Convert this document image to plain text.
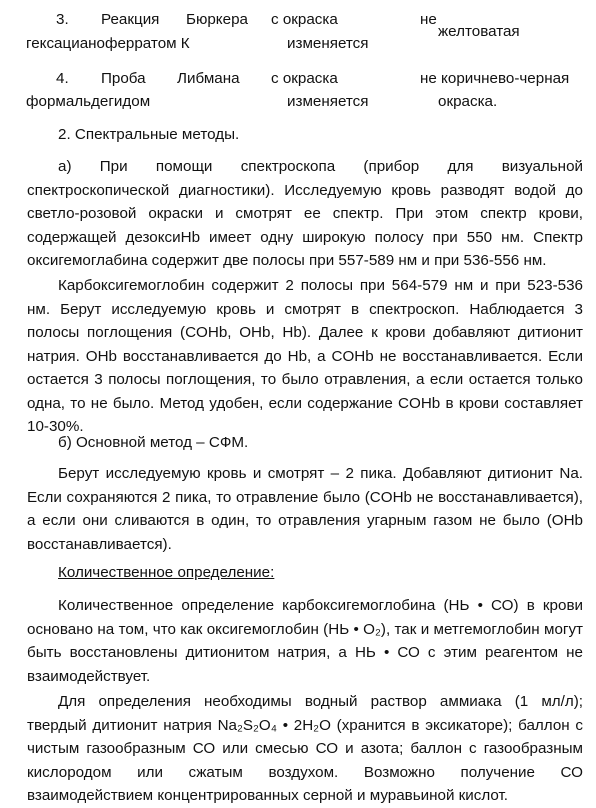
3. Реакция Бюркера
гексацианоферратом К
с окраска
изменяется
не
желтоватая
4. Проба Либмана
формальдегидом
с окраска
изменяется
не коричнево-черная
окраска.
2. Спектральные методы.

а) При помощи спектроскопа (прибор для визуальной спектроскопической диагностики). Исследуемую кровь разводят водой до светло-розовой окраски и смотрят ее спектр. При этом спектр крови, содержащей дезоксиHb имеет одну широкую полосу при 550 нм. Спектр оксигемоглабина содержит две полосы при 557-589 нм и при 536-556 нм.

Карбоксигемоглобин содержит 2 полосы при 564-579 нм и при 523-536 нм. Берут исследуемую кровь и смотрят в спектроскоп. Наблюдается 3 полосы поглощения (COHb, OHb, Hb). Далее к крови добавляют дитионит натрия. OHb восстанавливается до Hb, а COHb не восстанавливается. Если остается 3 полосы поглощения, то было отравления, а если остается только одна, то не было. Метод удобен, если содержание COHb в крови составляет 10-30%.

б) Основной метод – СФМ.

Берут исследуемую кровь и смотрят – 2 пика. Добавляют дитионит Na. Если сохраняются 2 пика, то отравление было (COHb не восстанавливается), а если они сливаются в один, то отравления угарным газом не было (OHb восстанавливается).

Количественное определение:

Количественное определение карбоксигемоглобина (НЬ • СО) в крови основано на том, что как оксигемоглобин (НЬ • O₂), так и метгемоглобин могут быть восстановлены дитионитом натрия, а НЬ • СО с этим реагентом не взаимодействует.

Для определения необходимы водный раствор аммиака (1 мл/л); твердый дитионит натрия Na₂S₂O₄ • 2H₂O (хранится в эксикаторе); баллон с чистым газообразным СО или смесью СО и азота; баллон с газообразным кислородом или сжатым воздухом. Возможно получение СО взаимодействием концентрированных серной и муравьиной кислот.
